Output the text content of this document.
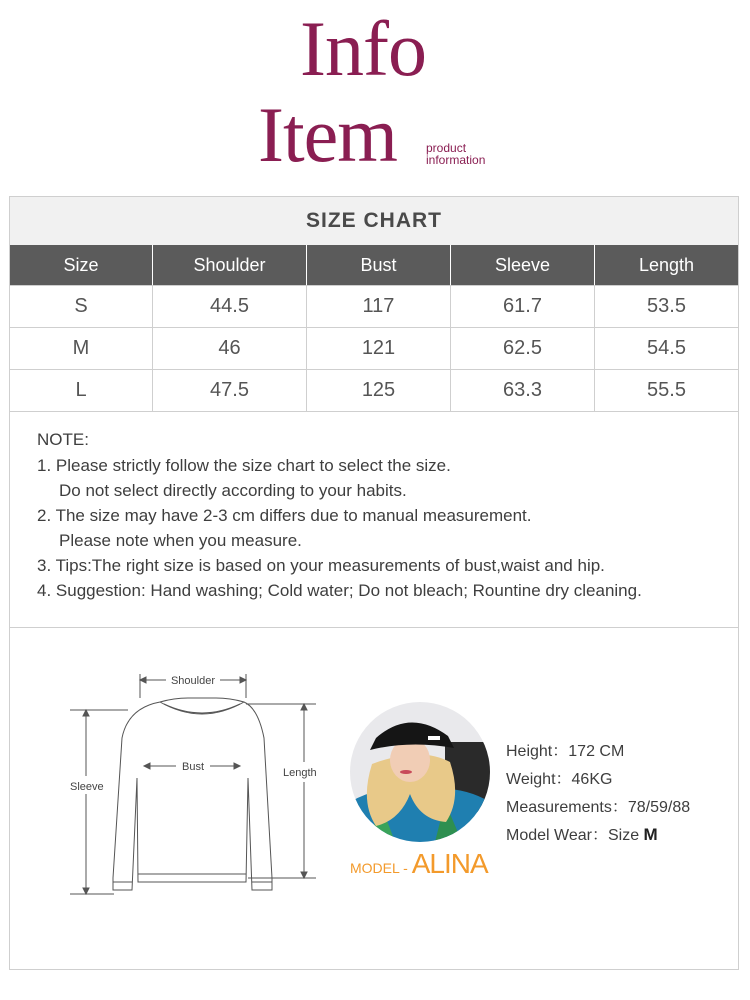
Info
Item product
information
SIZE CHART
Size	Shoulder	Bust	Sleeve	Length
S	44.5	117	61.7	53.5
M	46	121	62.5	54.5
L	47.5	125	63.3	55.5
NOTE:
1. Please strictly follow the size chart to select the size.
Do not select directly according to your habits.
2. The size may have 2-3 cm differs due to manual measurement.
Please note when you measure.
3. Tips:The right size is based on your measurements of bust,waist and hip.
4. Suggestion: Hand washing; Cold water; Do not bleach; Rountine dry cleaning.
Shoulder
Bust
Sleeve
Length
MODEL - ALINA
Height：172 CM
Weight：46KG
Measurements：78/59/88
Model Wear：Size M
